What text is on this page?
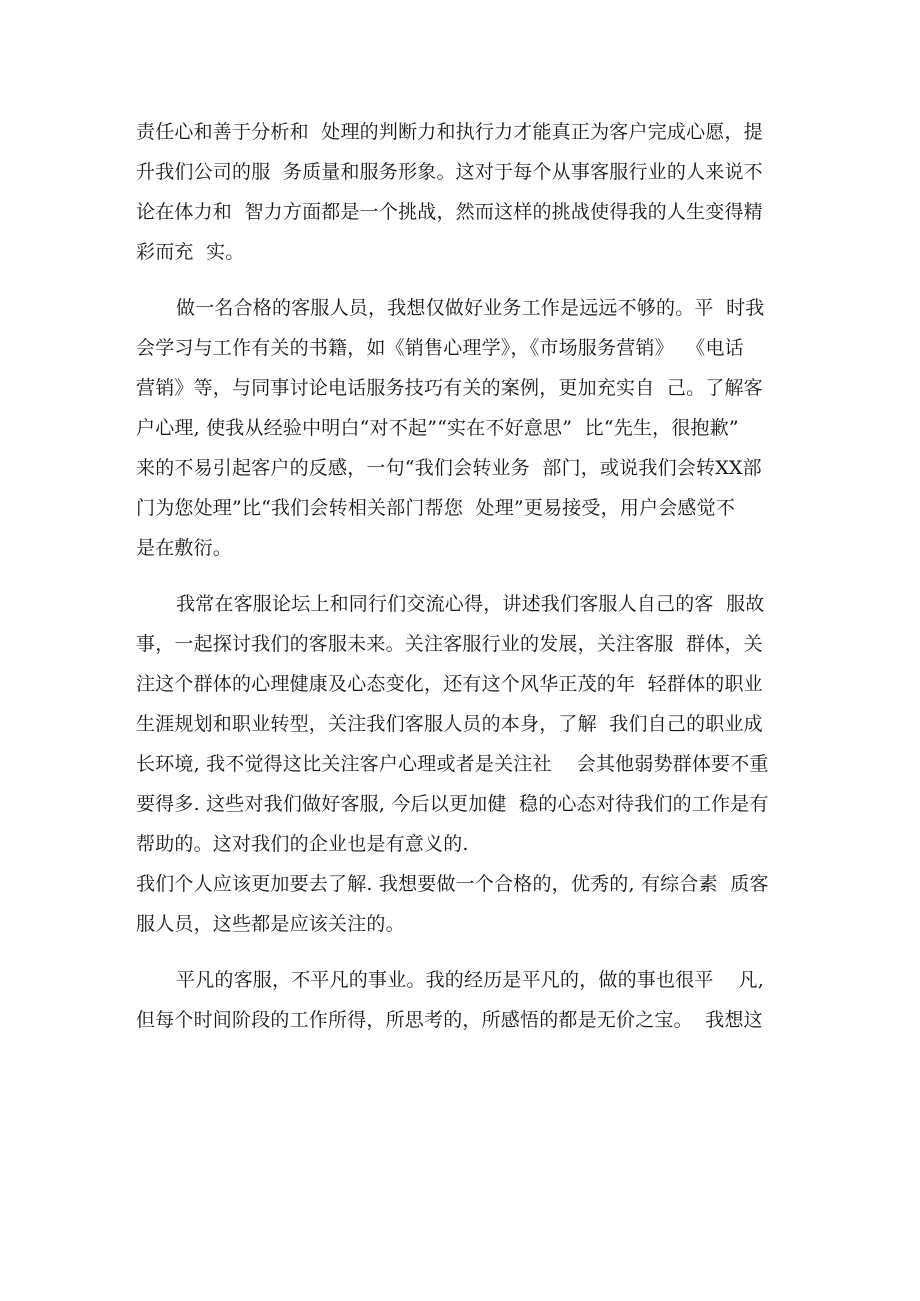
责任心和善于分析和  处理的判断力和执行力才能真正为客户完成心愿，提
升我们公司的服  务质量和服务形象。这对于每个从事客服行业的人来说不
论在体力和  智力方面都是一个挑战，然而这样的挑战使得我的人生变得精
彩而充  实。
做一名合格的客服人员，我想仅做好业务工作是远远不够的。平  时我
会学习与工作有关的书籍，如《销售心理学》，《市场服务营销》  《电话
营销》等，与同事讨论电话服务技巧有关的案例，更加充实自  己。了解客
户心理, 使我从经验中明白“对不起”“实在不好意思”  比“先生，很抱歉”
来的不易引起客户的反感，一句“我们会转业务  部门，或说我们会转XX部
门为您处理”比“我们会转相关部门帮您  处理”更易接受，用户会感觉不
是在敷衍。
我常在客服论坛上和同行们交流心得，讲述我们客服人自己的客  服故
事，一起探讨我们的客服未来。关注客服行业的发展，关注客服  群体，关
注这个群体的心理健康及心态变化，还有这个风华正茂的年  轻群体的职业
生涯规划和职业转型，关注我们客服人员的本身，了解  我们自己的职业成
长环境, 我不觉得这比关注客户心理或者是关注社    会其他弱势群体要不重
要得多. 这些对我们做好客服, 今后以更加健  稳的心态对待我们的工作是有
帮助的。这对我们的企业也是有意义的.
我们个人应该更加要去了解. 我想要做一个合格的，优秀的, 有综合素  质客
服人员，这些都是应该关注的。
平凡的客服，不平凡的事业。我的经历是平凡的，做的事也很平    凡,
但每个时间阶段的工作所得，所思考的，所感悟的都是无价之宝。  我想这
